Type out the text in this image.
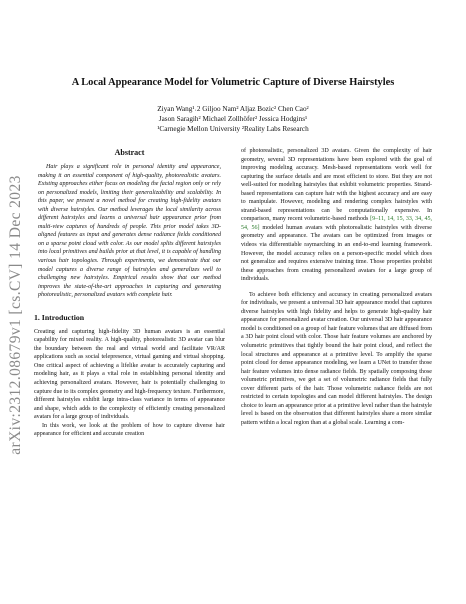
arXiv:2312.08679v1 [cs.CV] 14 Dec 2023
A Local Appearance Model for Volumetric Capture of Diverse Hairstyles
Ziyan Wang¹˒2 Giljoo Nam² Aljaz Bozic² Chen Cao²
Jason Saragih² Michael Zollhöfer² Jessica Hodgins¹
¹Carnegie Mellon University ²Reality Labs Research
Abstract

Hair plays a significant role in personal identity and appearance, making it an essential component of high-quality, photorealistic avatars. Existing approaches either focus on modeling the facial region only or rely on personalized models, limiting their generalizability and scalability. In this paper, we present a novel method for creating high-fidelity avatars with diverse hairstyles. Our method leverages the local similarity across different hairstyles and learns a universal hair appearance prior from multi-view captures of hundreds of people. This prior model takes 3D-aligned features as input and generates dense radiance fields conditioned on a sparse point cloud with color. As our model splits different hairstyles into local primitives and builds prior at that level, it is capable of handling various hair topologies. Through experiments, we demonstrate that our model captures a diverse range of hairstyles and generalizes well to challenging new hairstyles. Empirical results show that our method improves the state-of-the-art approaches in capturing and generating photorealistic, personalized avatars with complete hair.

1. Introduction

Creating and capturing high-fidelity 3D human avatars is an essential capability for mixed reality. A high-quality, photorealistic 3D avatar can blur the boundary between the real and virtual world and facilitate VR/AR applications such as social telepresence, virtual gaming and virtual shopping. One critical aspect of achieving a lifelike avatar is accurately capturing and modeling hair, as it plays a vital role in establishing personal identity and achieving personalized avatars. However, hair is potentially challenging to capture due to its complex geometry and high-frequency texture. Furthermore, different hairstyles exhibit large intra-class variance in terms of appearance and shape, which adds to the complexity of efficiently creating personalized avatars for a large group of individuals.

In this work, we look at the problem of how to capture diverse hair appearance for efficient and accurate creation

of photorealistic, personalized 3D avatars. Given the complexity of hair geometry, several 3D representations have been explored with the goal of improving modeling accuracy. Mesh-based representations work well for capturing the surface details and are most efficient to store. But they are not well-suited for modeling hairstyles that exhibit volumetric properties. Strand-based representations can capture hair with the highest accuracy and are easy to manipulate. However, modeling and rendering complex hairstyles with strand-based representations can be computationally expensive. In comparison, many recent volumetric-based methods [9–11, 14, 15, 33, 34, 45, 54, 56] modeled human avatars with photorealistic hairstyles with diverse geometry and appearance. The avatars can be optimized from images or videos via differentiable raymarching in an end-to-end learning framework. However, the model accuracy relies on a person-specific model which does not generalize and requires extensive training time. Those properties prohibit these approaches from creating personalized avatars for a large group of individuals.

To achieve both efficiency and accuracy in creating personalized avatars for individuals, we present a universal 3D hair appearance model that captures diverse hairstyles with high fidelity and helps to generate high-quality hair appearance for personalized avatar creation. Our universal 3D hair appearance model is conditioned on a group of hair feature volumes that are diffused from a 3D hair point cloud with color. Those hair feature volumes are anchored by volumetric primitives that tightly bound the hair point cloud, and reflect the local structures and appearance at a primitive level. To amplify the sparse point cloud for dense appearance modeling, we learn a UNet to transfer those hair feature volumes into dense radiance fields. By spatially composing those volumetric primitives, we get a set of volumetric radiance fields that fully cover different parts of the hair. Those volumetric radiance fields are not restricted to certain topologies and can model different hairstyles. The design choice to learn an appearance prior at a primitive level rather than the hairstyle level is based on the observation that different hairstyles share a more similar pattern within a local region than at a global scale. Learning a com-
